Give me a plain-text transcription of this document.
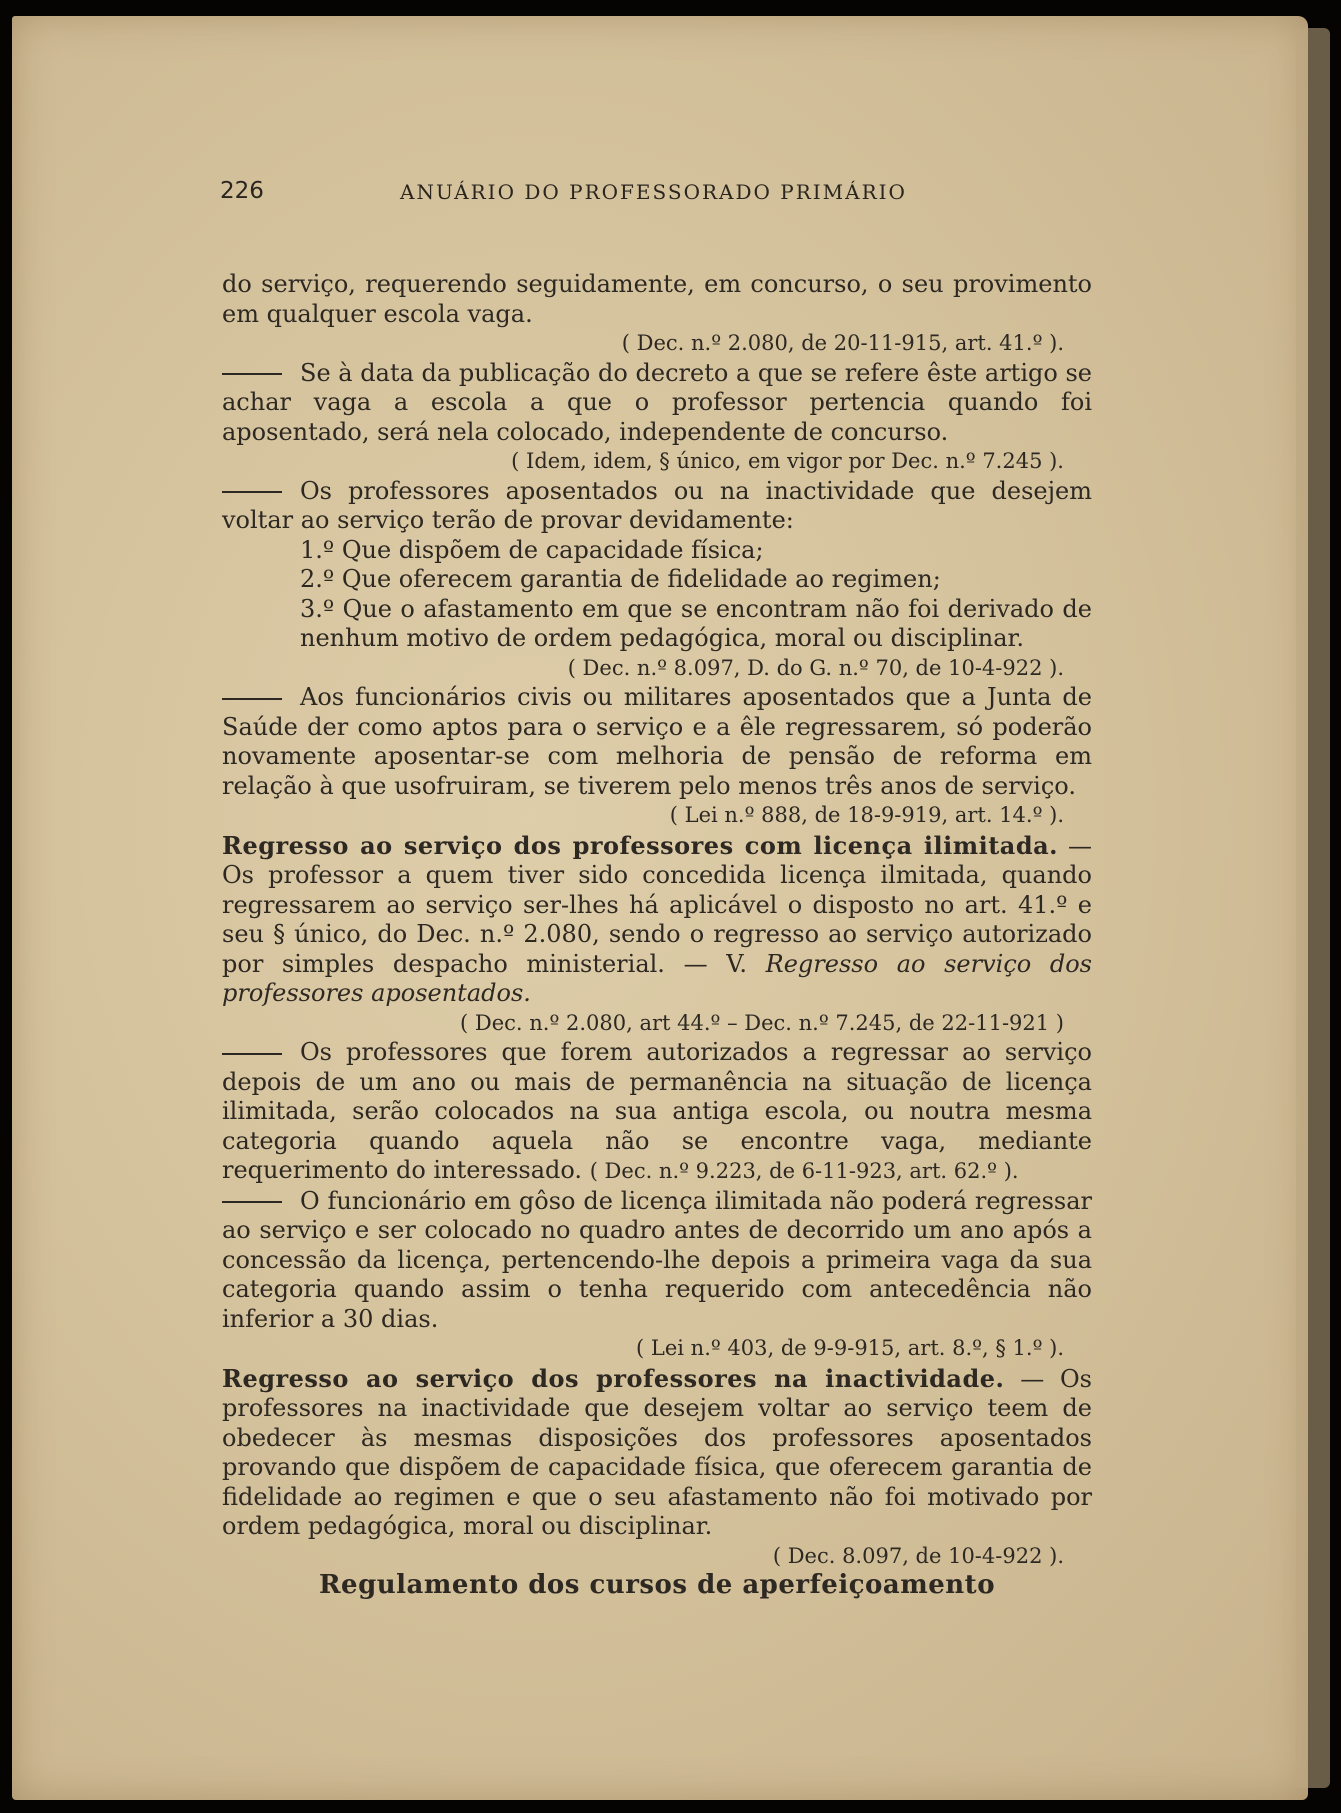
226	ANUÁRIO DO PROFESSORADO PRIMÁRIO

do serviço, requerendo seguidamente, em concurso, o seu provimento em qualquer escola vaga.

( Dec. n.º 2.080, de 20-11-915, art. 41.º ).

Se à data da publicação do decreto a que se refere êste artigo se achar vaga a escola a que o professor pertencia quando foi aposentado, será nela colocado, independente de concurso.

( Idem, idem, § único, em vigor por Dec. n.º 7.245 ).

Os professores aposentados ou na inactividade que desejem voltar ao serviço terão de provar devidamente:

1.º Que dispõem de capacidade física;

2.º Que oferecem garantia de fidelidade ao regimen;

3.º Que o afastamento em que se encontram não foi derivado de nenhum motivo de ordem pedagógica, moral ou disciplinar.

( Dec. n.º 8.097, D. do G. n.º 70, de 10-4-922 ).

Aos funcionários civis ou militares aposentados que a Junta de Saúde der como aptos para o serviço e a êle regressarem, só poderão novamente aposentar-se com melhoria de pensão de reforma em relação à que usofruiram, se tiverem pelo menos três anos de serviço.

( Lei n.º 888, de 18-9-919, art. 14.º ).

Regresso ao serviço dos professores com licença ilimitada. — Os professor a quem tiver sido concedida licença ilmitada, quando regressarem ao serviço ser-lhes há aplicável o disposto no art. 41.º e seu § único, do Dec. n.º 2.080, sendo o regresso ao serviço autorizado por simples despacho ministerial. — V. Regresso ao serviço dos professores aposentados.

( Dec. n.º 2.080, art 44.º – Dec. n.º 7.245, de 22-11-921 )

Os professores que forem autorizados a regressar ao serviço depois de um ano ou mais de permanência na situação de licença ilimitada, serão colocados na sua antiga escola, ou noutra mesma categoria quando aquela não se encontre vaga, mediante requerimento do interessado. ( Dec. n.º 9.223, de 6-11-923, art. 62.º ).

O funcionário em gôso de licença ilimitada não poderá regressar ao serviço e ser colocado no quadro antes de decorrido um ano após a concessão da licença, pertencendo-lhe depois a primeira vaga da sua categoria quando assim o tenha requerido com antecedência não inferior a 30 dias.

( Lei n.º 403, de 9-9-915, art. 8.º, § 1.º ).

Regresso ao serviço dos professores na inactividade. — Os professores na inactividade que desejem voltar ao serviço teem de obedecer às mesmas disposições dos professores aposentados provando que dispõem de capacidade física, que oferecem garantia de fidelidade ao regimen e que o seu afastamento não foi motivado por ordem pedagógica, moral ou disciplinar.

( Dec. 8.097, de 10-4-922 ).

Regulamento dos cursos de aperfeiçoamento
